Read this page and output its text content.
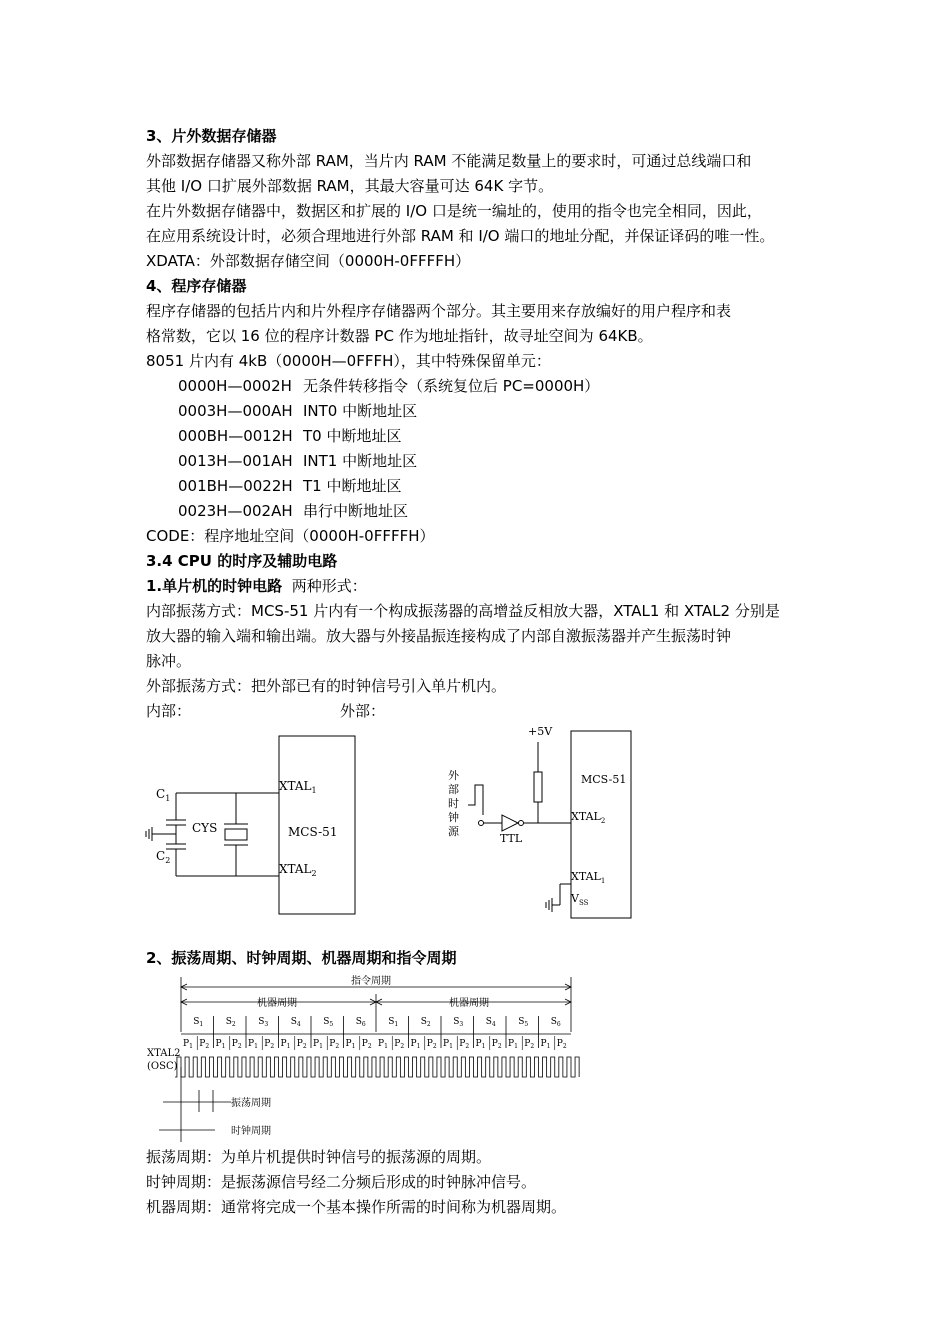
3、片外数据存储器
外部数据存储器又称外部 RAM，当片内 RAM 不能满足数量上的要求时，可通过总线端口和
其他 I/O 口扩展外部数据 RAM，其最大容量可达 64K 字节。
在片外数据存储器中，数据区和扩展的 I/O 口是统一编址的，使用的指令也完全相同，因此，
在应用系统设计时，必须合理地进行外部 RAM 和 I/O 端口的地址分配，并保证译码的唯一性。
XDATA：外部数据存储空间（0000H-0FFFFH）
4、程序存储器
程序存储器的包括片内和片外程序存储器两个部分。其主要用来存放编好的用户程序和表
格常数，它以 16 位的程序计数器 PC 作为地址指针，故寻址空间为 64KB。
8051 片内有 4kB（0000H—0FFFH），其中特殊保留单元：
0000H—0002H 无条件转移指令（系统复位后 PC=0000H）
0003H—000AH INT0 中断地址区
000BH—0012H T0 中断地址区
0013H—001AH INT1 中断地址区
001BH—0022H T1 中断地址区
0023H—002AH 串行中断地址区
CODE：程序地址空间（0000H-0FFFFH）
3.4 CPU 的时序及辅助电路
1.单片机的时钟电路 两种形式：
内部振荡方式：MCS-51 片内有一个构成振荡器的高增益反相放大器，XTAL1 和 XTAL2 分别是
放大器的输入端和输出端。放大器与外接晶振连接构成了内部自激振荡器并产生振荡时钟
脉冲。
外部振荡方式：把外部已有的时钟信号引入单片机内。
内部：	外部：
$C_1$
$C_2$
CYS
$XTAL_1$
$XTAL_2$
MCS-51
+5V
MCS-51
外 部 时 钟 源
TTL
$XTAL_2$
$XTAL_1$
$V_{SS}$
2、振荡周期、时钟周期、机器周期和指令周期
$S_1$	$S_2$	$S_3$	$S_4$	$S_5$	$S_6$	$S_1$	$S_2$	$S_3$	$S_4$	$S_5$	$S_6$
$P_1$ $P_2$ $P_1$ $P_2$ $P_1$ $P_2$ $P_1$ $P_2$ $P_1$ $P_2$ $P_1$ $P_2$ $P_1$ $P_2$ $P_1$ $P_2$ $P_1$ $P_2$ $P_1$ $P_2$ $P_1$ $P_2$ $P_1$ $P_2$
指令周期
机器周期	机器周期
XTAL2
(OSC)
振荡周期
时钟周期
振荡周期：为单片机提供时钟信号的振荡源的周期。
时钟周期：是振荡源信号经二分频后形成的时钟脉冲信号。
机器周期：通常将完成一个基本操作所需的时间称为机器周期。
